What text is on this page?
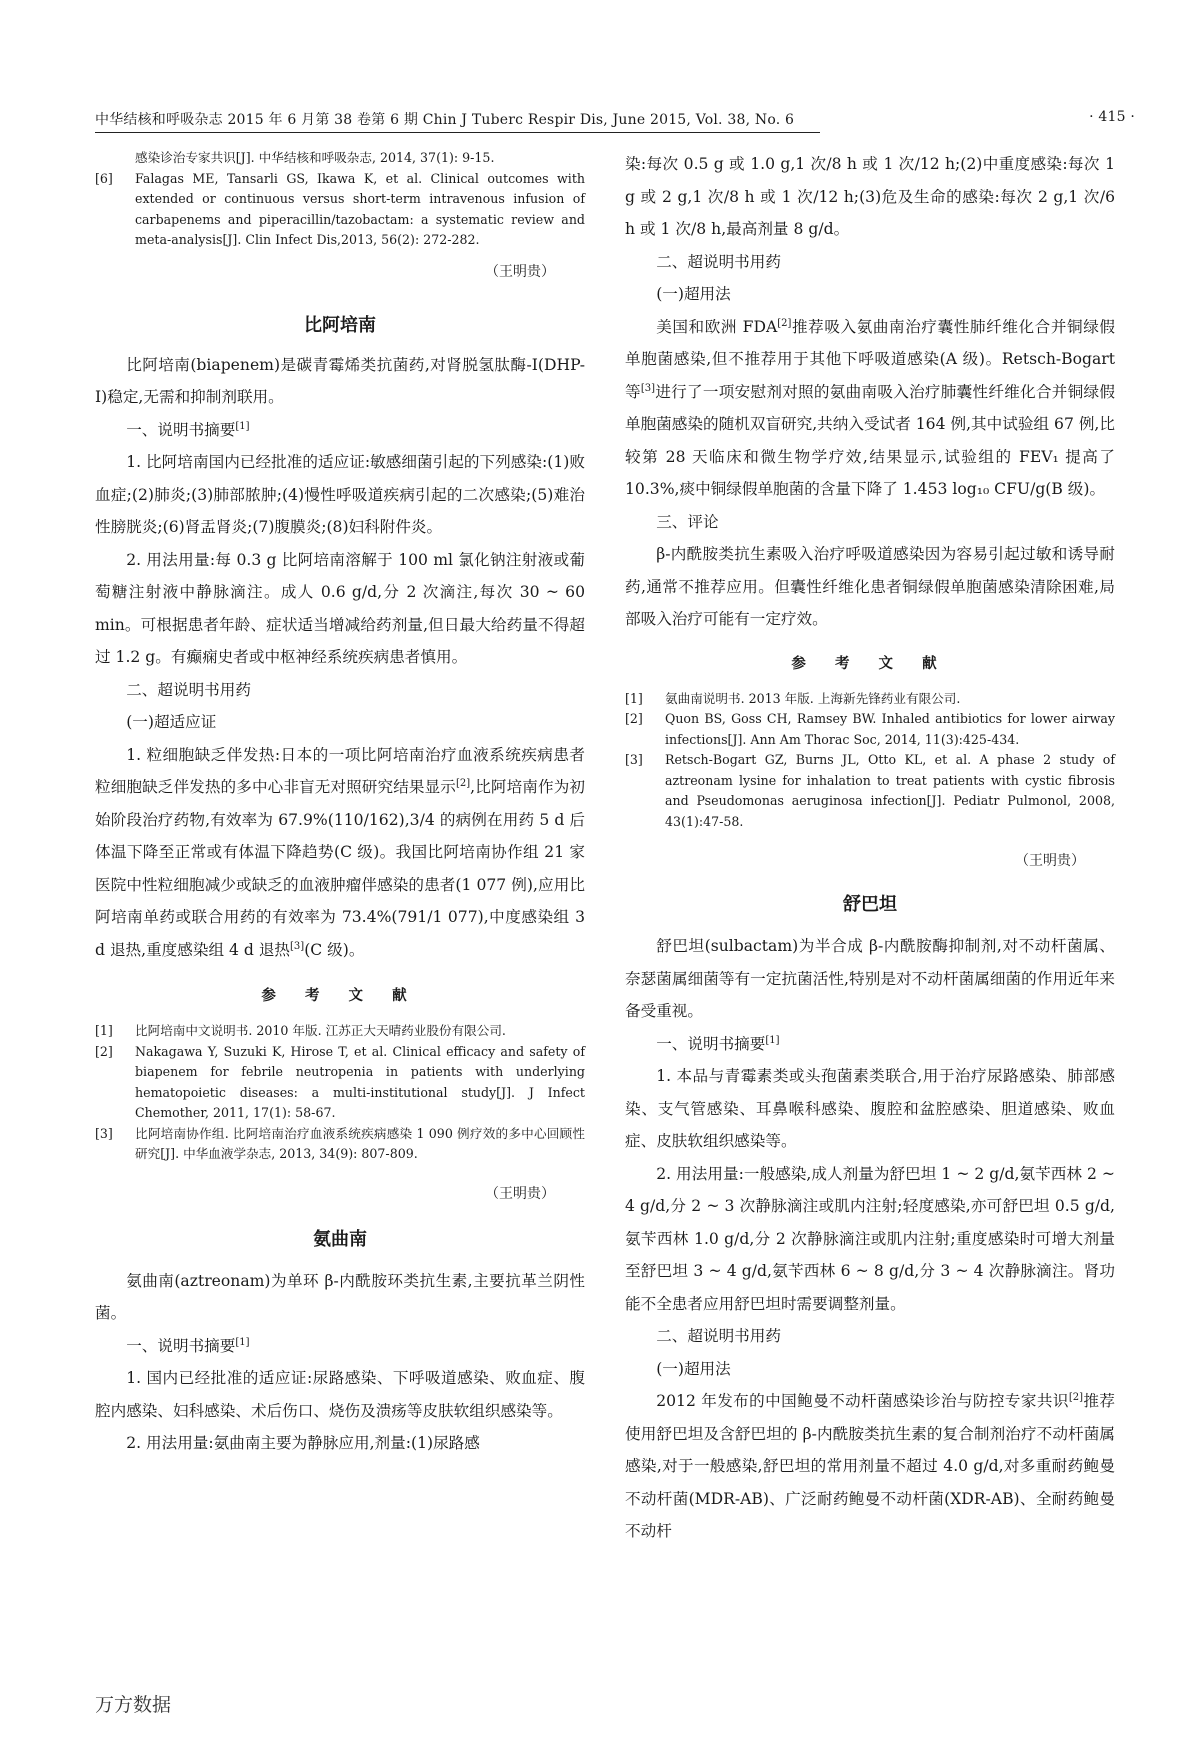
中华结核和呼吸杂志 2015 年 6 月第 38 卷第 6 期 Chin J Tuberc Respir Dis, June 2015, Vol. 38, No. 6	· 415 ·
感染诊治专家共识[J]. 中华结核和呼吸杂志, 2014, 37(1): 9-15.
[6]	Falagas ME, Tansarli GS, Ikawa K, et al. Clinical outcomes with extended or continuous versus short-term intravenous infusion of carbapenems and piperacillin/tazobactam: a systematic review and meta-analysis[J]. Clin Infect Dis,2013, 56(2): 272-282.

（王明贵）

比阿培南

比阿培南(biapenem)是碳青霉烯类抗菌药,对肾脱氢肽酶-I(DHP-I)稳定,无需和抑制剂联用。

一、说明书摘要[1]

1. 比阿培南国内已经批准的适应证:敏感细菌引起的下列感染:(1)败血症;(2)肺炎;(3)肺部脓肿;(4)慢性呼吸道疾病引起的二次感染;(5)难治性膀胱炎;(6)肾盂肾炎;(7)腹膜炎;(8)妇科附件炎。

2. 用法用量:每 0.3 g 比阿培南溶解于 100 ml 氯化钠注射液或葡萄糖注射液中静脉滴注。成人 0.6 g/d,分 2 次滴注,每次 30 ~ 60 min。可根据患者年龄、症状适当增减给药剂量,但日最大给药量不得超过 1.2 g。有癫痫史者或中枢神经系统疾病患者慎用。

二、超说明书用药

(一)超适应证

1. 粒细胞缺乏伴发热:日本的一项比阿培南治疗血液系统疾病患者粒细胞缺乏伴发热的多中心非盲无对照研究结果显示[2],比阿培南作为初始阶段治疗药物,有效率为 67.9%(110/162),3/4 的病例在用药 5 d 后体温下降至正常或有体温下降趋势(C 级)。我国比阿培南协作组 21 家医院中性粒细胞减少或缺乏的血液肿瘤伴感染的患者(1 077 例),应用比阿培南单药或联合用药的有效率为 73.4%(791/1 077),中度感染组 3 d 退热,重度感染组 4 d 退热[3](C 级)。

参 考 文 献

[1]	比阿培南中文说明书. 2010 年版. 江苏正大天晴药业股份有限公司.
[2]	Nakagawa Y, Suzuki K, Hirose T, et al. Clinical efficacy and safety of biapenem for febrile neutropenia in patients with underlying hematopoietic diseases: a multi-institutional study[J]. J Infect Chemother, 2011, 17(1): 58-67.
[3]	比阿培南协作组. 比阿培南治疗血液系统疾病感染 1 090 例疗效的多中心回顾性研究[J]. 中华血液学杂志, 2013, 34(9): 807-809.

（王明贵）

氨曲南

氨曲南(aztreonam)为单环 β-内酰胺环类抗生素,主要抗革兰阴性菌。

一、说明书摘要[1]

1. 国内已经批准的适应证:尿路感染、下呼吸道感染、败血症、腹腔内感染、妇科感染、术后伤口、烧伤及溃疡等皮肤软组织感染等。

2. 用法用量:氨曲南主要为静脉应用,剂量:(1)尿路感

染:每次 0.5 g 或 1.0 g,1 次/8 h 或 1 次/12 h;(2)中重度感染:每次 1 g 或 2 g,1 次/8 h 或 1 次/12 h;(3)危及生命的感染:每次 2 g,1 次/6 h 或 1 次/8 h,最高剂量 8 g/d。

二、超说明书用药

(一)超用法

美国和欧洲 FDA[2]推荐吸入氨曲南治疗囊性肺纤维化合并铜绿假单胞菌感染,但不推荐用于其他下呼吸道感染(A 级)。Retsch-Bogart 等[3]进行了一项安慰剂对照的氨曲南吸入治疗肺囊性纤维化合并铜绿假单胞菌感染的随机双盲研究,共纳入受试者 164 例,其中试验组 67 例,比较第 28 天临床和微生物学疗效,结果显示,试验组的 FEV₁ 提高了 10.3%,痰中铜绿假单胞菌的含量下降了 1.453 log₁₀ CFU/g(B 级)。

三、评论

β-内酰胺类抗生素吸入治疗呼吸道感染因为容易引起过敏和诱导耐药,通常不推荐应用。但囊性纤维化患者铜绿假单胞菌感染清除困难,局部吸入治疗可能有一定疗效。

参 考 文 献

[1]	氨曲南说明书. 2013 年版. 上海新先锋药业有限公司.
[2]	Quon BS, Goss CH, Ramsey BW. Inhaled antibiotics for lower airway infections[J]. Ann Am Thorac Soc, 2014, 11(3):425-434.
[3]	Retsch-Bogart GZ, Burns JL, Otto KL, et al. A phase 2 study of aztreonam lysine for inhalation to treat patients with cystic fibrosis and Pseudomonas aeruginosa infection[J]. Pediatr Pulmonol, 2008, 43(1):47-58.

（王明贵）

舒巴坦

舒巴坦(sulbactam)为半合成 β-内酰胺酶抑制剂,对不动杆菌属、奈瑟菌属细菌等有一定抗菌活性,特别是对不动杆菌属细菌的作用近年来备受重视。

一、说明书摘要[1]

1. 本品与青霉素类或头孢菌素类联合,用于治疗尿路感染、肺部感染、支气管感染、耳鼻喉科感染、腹腔和盆腔感染、胆道感染、败血症、皮肤软组织感染等。

2. 用法用量:一般感染,成人剂量为舒巴坦 1 ~ 2 g/d,氨苄西林 2 ~ 4 g/d,分 2 ~ 3 次静脉滴注或肌内注射;轻度感染,亦可舒巴坦 0.5 g/d,氨苄西林 1.0 g/d,分 2 次静脉滴注或肌内注射;重度感染时可增大剂量至舒巴坦 3 ~ 4 g/d,氨苄西林 6 ~ 8 g/d,分 3 ~ 4 次静脉滴注。肾功能不全患者应用舒巴坦时需要调整剂量。

二、超说明书用药

(一)超用法

2012 年发布的中国鲍曼不动杆菌感染诊治与防控专家共识[2]推荐使用舒巴坦及含舒巴坦的 β-内酰胺类抗生素的复合制剂治疗不动杆菌属感染,对于一般感染,舒巴坦的常用剂量不超过 4.0 g/d,对多重耐药鲍曼不动杆菌(MDR-AB)、广泛耐药鲍曼不动杆菌(XDR-AB)、全耐药鲍曼不动杆

万方数据
